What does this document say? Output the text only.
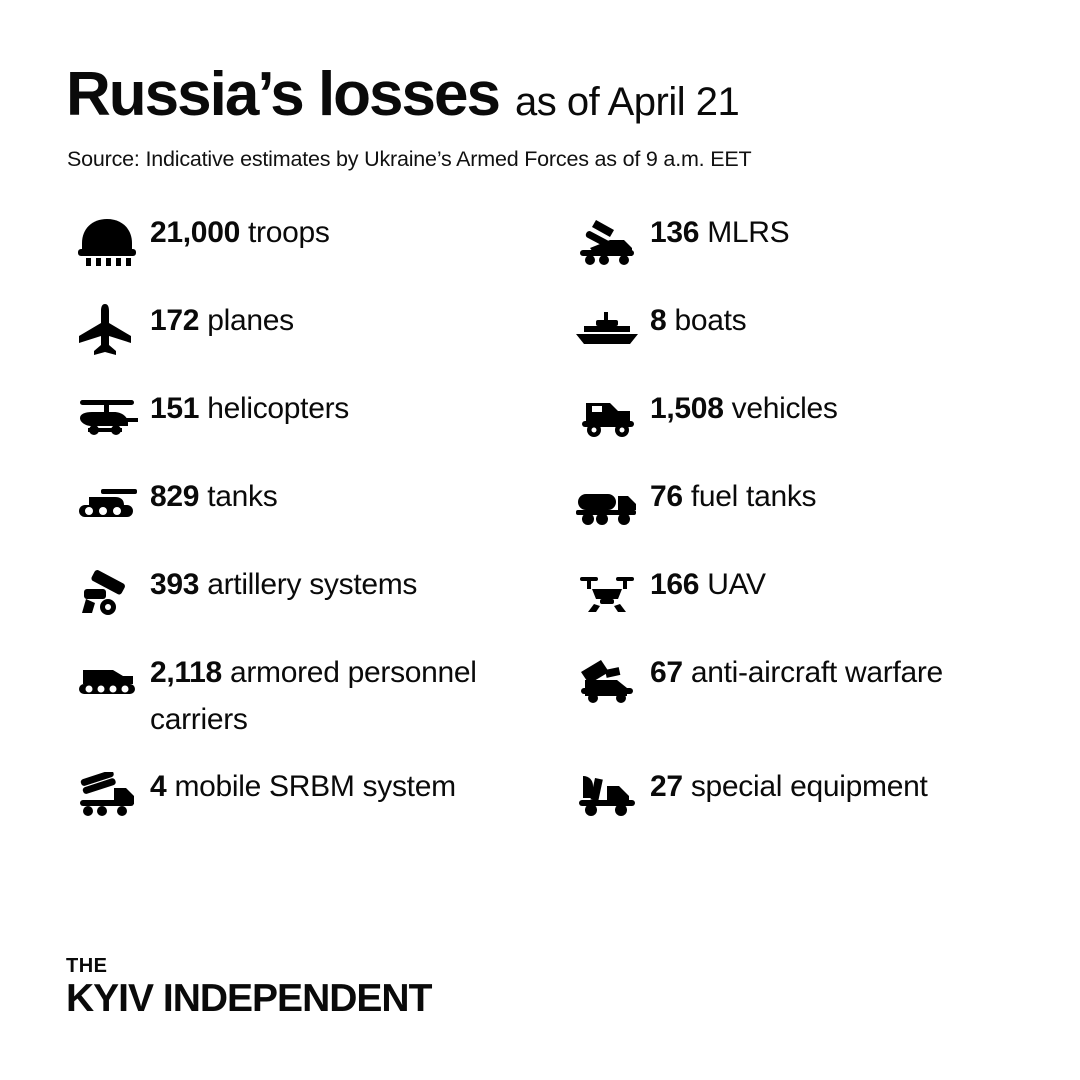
Russia’s losses as of April 21
Source: Indicative estimates by Ukraine’s Armed Forces as of 9 a.m. EET
21,000 troops
172 planes
151 helicopters
829 tanks
393 artillery systems
2,118 armored personnel carriers
4 mobile SRBM system
136 MLRS
8 boats
1,508 vehicles
76 fuel tanks
166 UAV
67 anti-aircraft warfare
27 special equipment
THE
KYIV INDEPENDENT
